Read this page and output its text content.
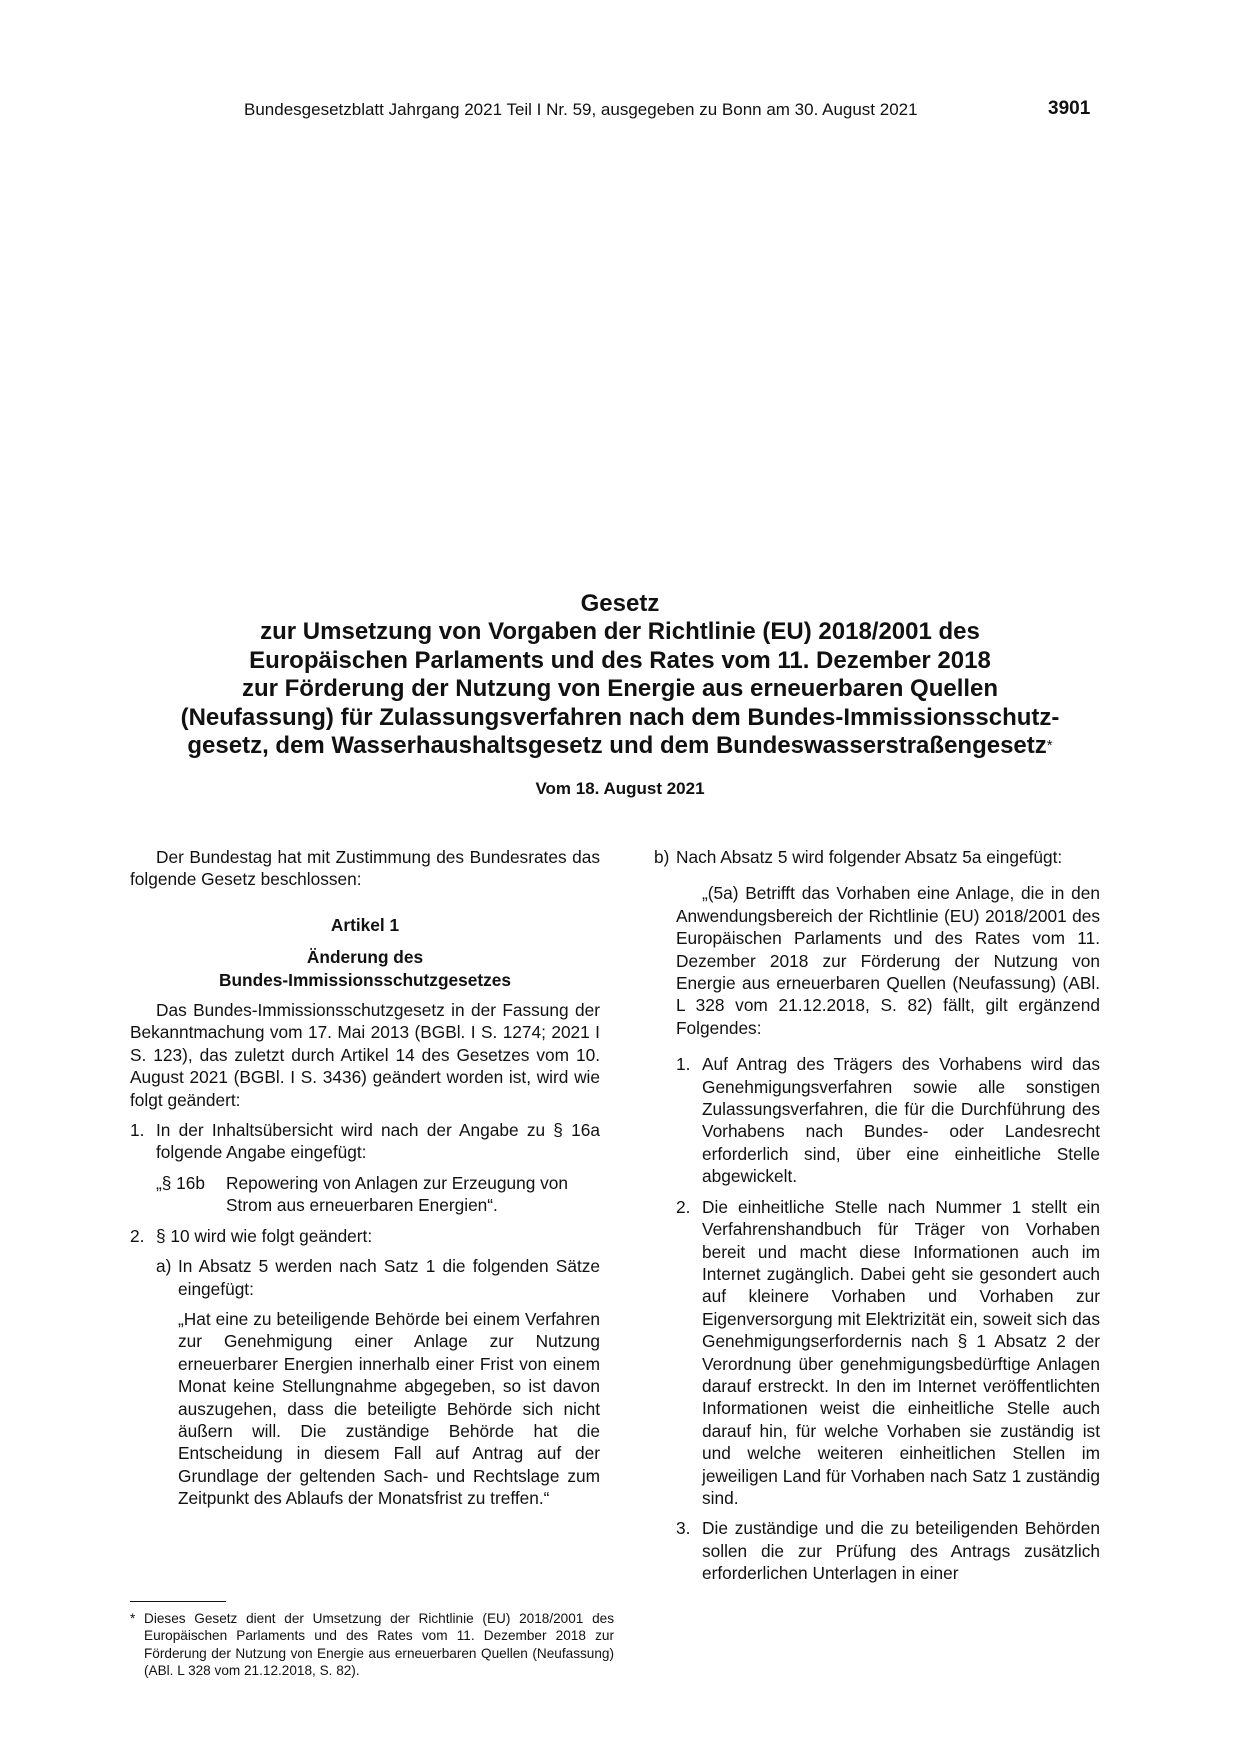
Bundesgesetzblatt Jahrgang 2021 Teil I Nr. 59, ausgegeben zu Bonn am 30. August 2021	3901
Gesetz
zur Umsetzung von Vorgaben der Richtlinie (EU) 2018/2001 des
Europäischen Parlaments und des Rates vom 11. Dezember 2018
zur Förderung der Nutzung von Energie aus erneuerbaren Quellen
(Neufassung) für Zulassungsverfahren nach dem Bundes-Immissionsschutz-
gesetz, dem Wasserhaushaltsgesetz und dem Bundeswasserstraßengesetz*
Vom 18. August 2021

Der Bundestag hat mit Zustimmung des Bundesrates das folgende Gesetz beschlossen:

Artikel 1

Änderung des

Bundes-Immissionsschutzgesetzes

Das Bundes-Immissionsschutzgesetz in der Fassung der Bekanntmachung vom 17. Mai 2013 (BGBl. I S. 1274; 2021 I S. 123), das zuletzt durch Artikel 14 des Gesetzes vom 10. August 2021 (BGBl. I S. 3436) geändert worden ist, wird wie folgt geändert:

1. In der Inhaltsübersicht wird nach der Angabe zu § 16a folgende Angabe eingefügt:

„§ 16b Repowering von Anlagen zur Erzeugung von Strom aus erneuerbaren Energien“.

2. § 10 wird wie folgt geändert:

a) In Absatz 5 werden nach Satz 1 die folgenden Sätze eingefügt:

„Hat eine zu beteiligende Behörde bei einem Verfahren zur Genehmigung einer Anlage zur Nutzung erneuerbarer Energien innerhalb einer Frist von einem Monat keine Stellungnahme abgegeben, so ist davon auszugehen, dass die beteiligte Behörde sich nicht äußern will. Die zuständige Behörde hat die Entscheidung in diesem Fall auf Antrag auf der Grundlage der geltenden Sach- und Rechtslage zum Zeitpunkt des Ablaufs der Monatsfrist zu treffen.“

* Dieses Gesetz dient der Umsetzung der Richtlinie (EU) 2018/2001 des Europäischen Parlaments und des Rates vom 11. Dezember 2018 zur Förderung der Nutzung von Energie aus erneuerbaren Quellen (Neufassung) (ABl. L 328 vom 21.12.2018, S. 82).
b) Nach Absatz 5 wird folgender Absatz 5a eingefügt:

„(5a) Betrifft das Vorhaben eine Anlage, die in den Anwendungsbereich der Richtlinie (EU) 2018/2001 des Europäischen Parlaments und des Rates vom 11. Dezember 2018 zur Förderung der Nutzung von Energie aus erneuerbaren Quellen (Neufassung) (ABl. L 328 vom 21.12.2018, S. 82) fällt, gilt ergänzend Folgendes:

1. Auf Antrag des Trägers des Vorhabens wird das Genehmigungsverfahren sowie alle sonstigen Zulassungsverfahren, die für die Durchführung des Vorhabens nach Bundes- oder Landesrecht erforderlich sind, über eine einheitliche Stelle abgewickelt.

2. Die einheitliche Stelle nach Nummer 1 stellt ein Verfahrenshandbuch für Träger von Vorhaben bereit und macht diese Informationen auch im Internet zugänglich. Dabei geht sie gesondert auch auf kleinere Vorhaben und Vorhaben zur Eigenversorgung mit Elektrizität ein, soweit sich das Genehmigungserfordernis nach § 1 Absatz 2 der Verordnung über genehmigungsbedürftige Anlagen darauf erstreckt. In den im Internet veröffentlichten Informationen weist die einheitliche Stelle auch darauf hin, für welche Vorhaben sie zuständig ist und welche weiteren einheitlichen Stellen im jeweiligen Land für Vorhaben nach Satz 1 zuständig sind.

3. Die zuständige und die zu beteiligenden Behörden sollen die zur Prüfung des Antrags zusätzlich erforderlichen Unterlagen in einer
